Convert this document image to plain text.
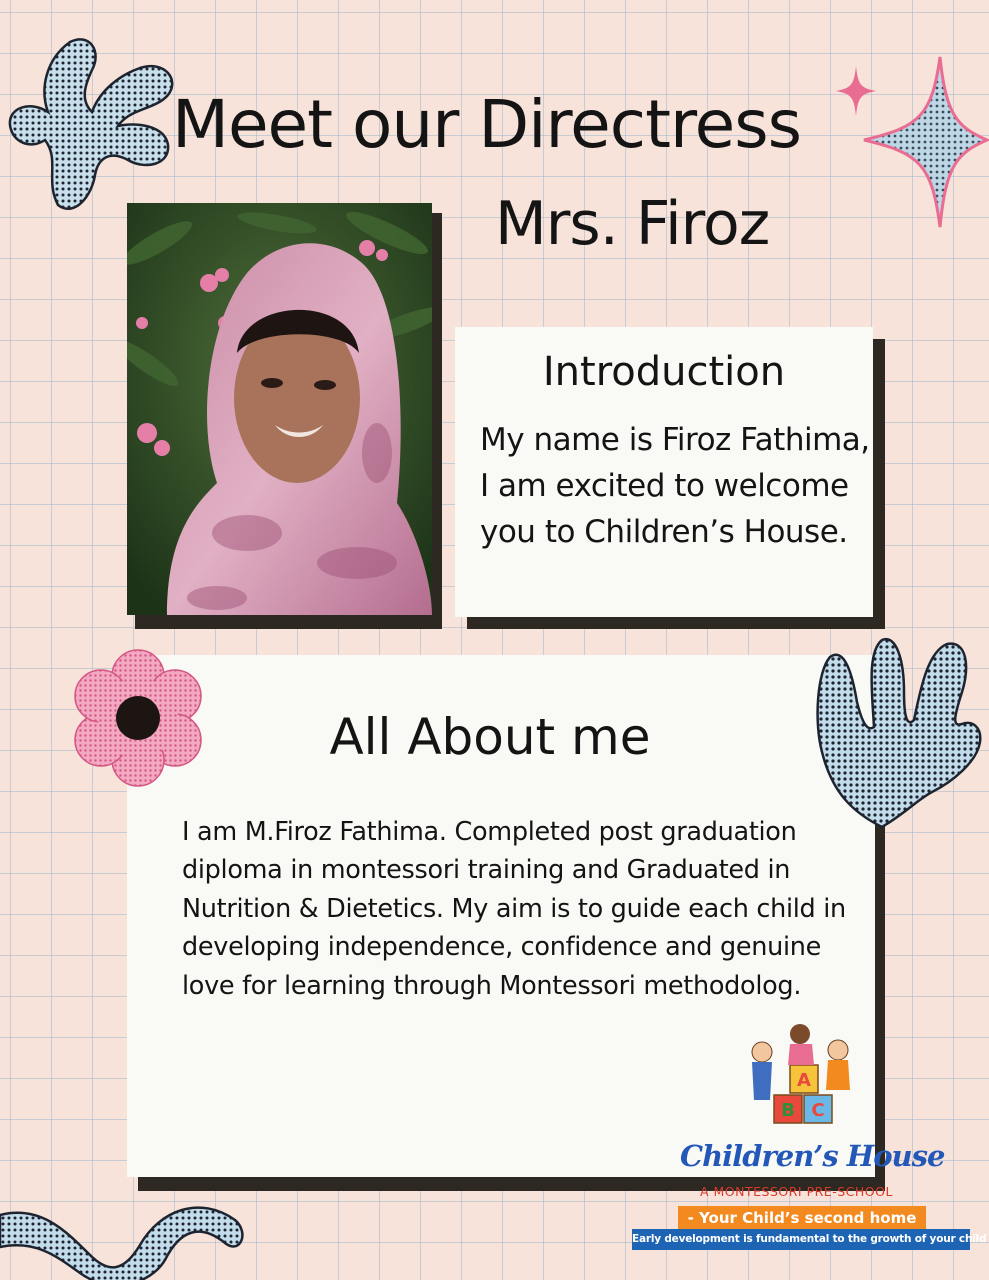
Meet our Directress
Mrs. Firoz
Introduction
My name is Firoz Fathima,
I am excited to welcome
you to Children’s House.
All About me
I am M.Firoz Fathima. Completed post graduation
diploma in montessori training and Graduated in
Nutrition & Dietetics. My aim is to guide each child in
developing independence, confidence and genuine
love for learning through Montessori methodolog.
A
B C
Children’s House
A MONTESSORI PRE-SCHOOL
- Your Child’s second home
Early development is fundamental to the growth of your child
